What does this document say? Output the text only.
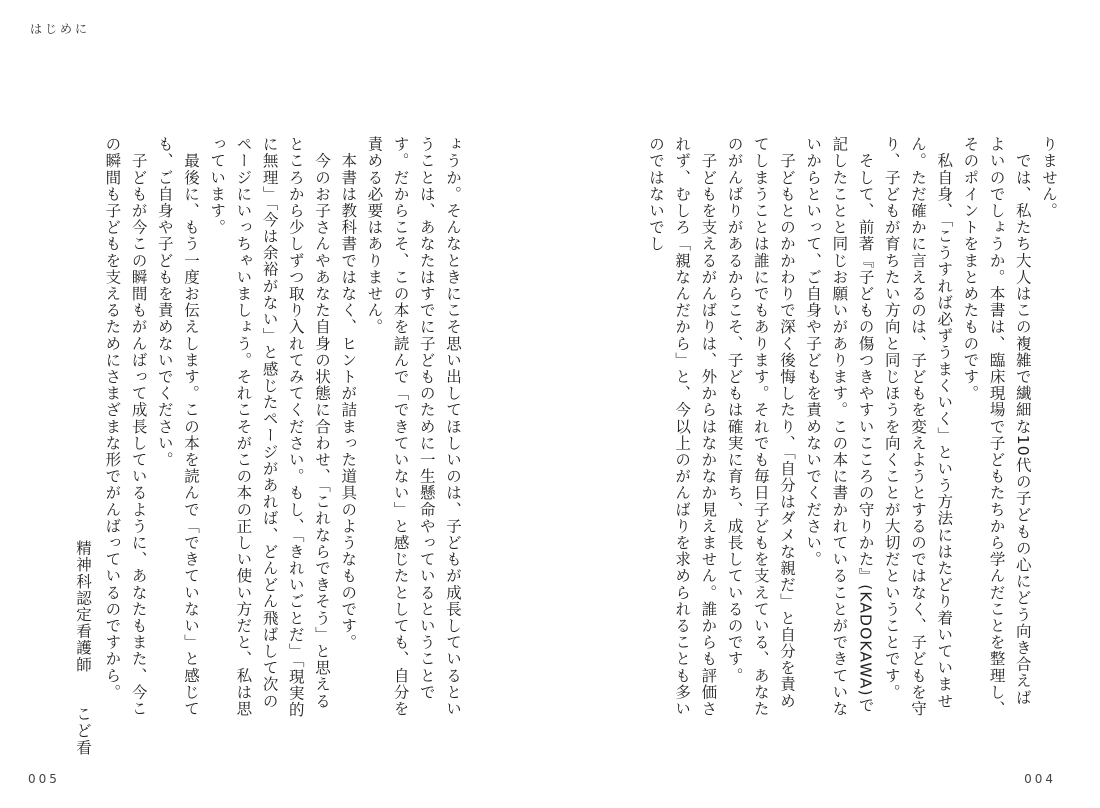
はじめに

りません。

　では、私たち大人はこの複雑で繊細な10代の子どもの心にどう向き合えばよいのでしょうか。本書は、臨床現場で子どもたちから学んだことを整理し、そのポイントをまとめたものです。

　私自身、「こうすれば必ずうまくいく」という方法にはたどり着いていません。ただ確かに言えるのは、子どもを変えようとするのではなく、子どもを守り、子どもが育ちたい方向と同じほうを向くことが大切だということです。

　そして、前著『子どもの傷つきやすいこころの守りかた』(KADOKAWA)で記したことと同じお願いがあります。この本に書かれていることができていないからといって、ご自身や子どもを責めないでください。

　子どもとのかかわりで深く後悔したり、「自分はダメな親だ」と自分を責めてしまうことは誰にでもあります。それでも毎日子どもを支えている、あなたのがんばりがあるからこそ、子どもは確実に育ち、成長しているのです。

　子どもを支えるがんばりは、外からはなかなか見えません。誰からも評価されず、むしろ「親なんだから」と、今以上のがんばりを求められることも多いのではないでし

ょうか。そんなときにこそ思い出してほしいのは、子どもが成長しているということは、あなたはすでに子どものために一生懸命やっているということです。だからこそ、この本を読んで「できていない」と感じたとしても、自分を責める必要はありません。

　本書は教科書ではなく、ヒントが詰まった道具のようなものです。

　今のお子さんやあなた自身の状態に合わせ、「これならできそう」と思えるところから少しずつ取り入れてみてください。もし、「きれいごとだ」「現実的に無理」「今は余裕がない」と感じたページがあれば、どんどん飛ばして次のページにいっちゃいましょう。それこそがこの本の正しい使い方だと、私は思っています。

　最後に、もう一度お伝えします。この本を読んで「できていない」と感じても、ご自身や子どもを責めないでください。

　子どもが今この瞬間もがんばって成長しているように、あなたもまた、今この瞬間も子どもを支えるためにさまざまな形でがんばっているのですから。

精神科認定看護師　　こど看
005	004
